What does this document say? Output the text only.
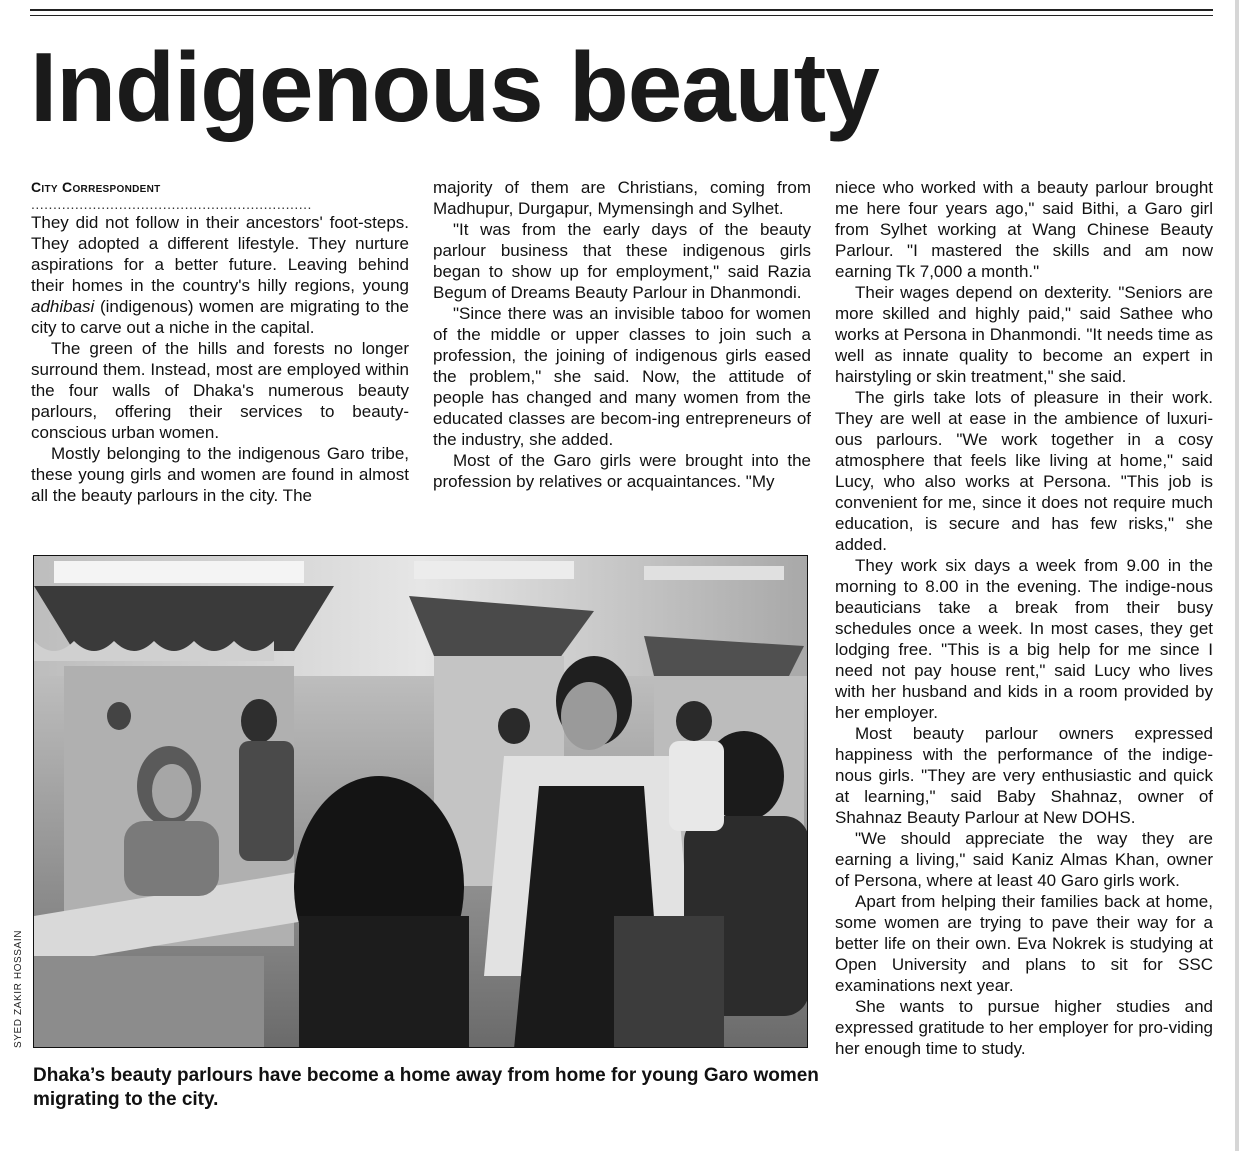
Indigenous beauty
City Correspondent
................................................................

They did not follow in their ancestors' foot-steps. They adopted a different lifestyle. They nurture aspirations for a better future. Leaving behind their homes in the country's hilly regions, young adhibasi (indigenous) women are migrating to the city to carve out a niche in the capital.

The green of the hills and forests no longer surround them. Instead, most are employed within the four walls of Dhaka's numerous beauty parlours, offering their services to beauty-conscious urban women.

Mostly belonging to the indigenous Garo tribe, these young girls and women are found in almost all the beauty parlours in the city. The

majority of them are Christians, coming from Madhupur, Durgapur, Mymensingh and Sylhet.

"It was from the early days of the beauty parlour business that these indigenous girls began to show up for employment," said Razia Begum of Dreams Beauty Parlour in Dhanmondi.

"Since there was an invisible taboo for women of the middle or upper classes to join such a profession, the joining of indigenous girls eased the problem," she said. Now, the attitude of people has changed and many women from the educated classes are becom-ing entrepreneurs of the industry, she added.

Most of the Garo girls were brought into the profession by relatives or acquaintances. "My

niece who worked with a beauty parlour brought me here four years ago," said Bithi, a Garo girl from Sylhet working at Wang Chinese Beauty Parlour. "I mastered the skills and am now earning Tk 7,000 a month."

Their wages depend on dexterity. "Seniors are more skilled and highly paid," said Sathee who works at Persona in Dhanmondi. "It needs time as well as innate quality to become an expert in hairstyling or skin treatment," she said.

The girls take lots of pleasure in their work. They are well at ease in the ambience of luxuri-ous parlours. "We work together in a cosy atmosphere that feels like living at home," said Lucy, who also works at Persona. "This job is convenient for me, since it does not require much education, is secure and has few risks," she added.

They work six days a week from 9.00 in the morning to 8.00 in the evening. The indige-nous beauticians take a break from their busy schedules once a week. In most cases, they get lodging free. "This is a big help for me since I need not pay house rent," said Lucy who lives with her husband and kids in a room provided by her employer.

Most beauty parlour owners expressed happiness with the performance of the indige-nous girls. "They are very enthusiastic and quick at learning," said Baby Shahnaz, owner of Shahnaz Beauty Parlour at New DOHS.

"We should appreciate the way they are earning a living," said Kaniz Almas Khan, owner of Persona, where at least 40 Garo girls work.

Apart from helping their families back at home, some women are trying to pave their way for a better life on their own. Eva Nokrek is studying at Open University and plans to sit for SSC examinations next year.

She wants to pursue higher studies and expressed gratitude to her employer for pro-viding her enough time to study.

SYED ZAKIR HOSSAIN
Dhaka’s beauty parlours have become a home away from home for young Garo women migrating to the city.
